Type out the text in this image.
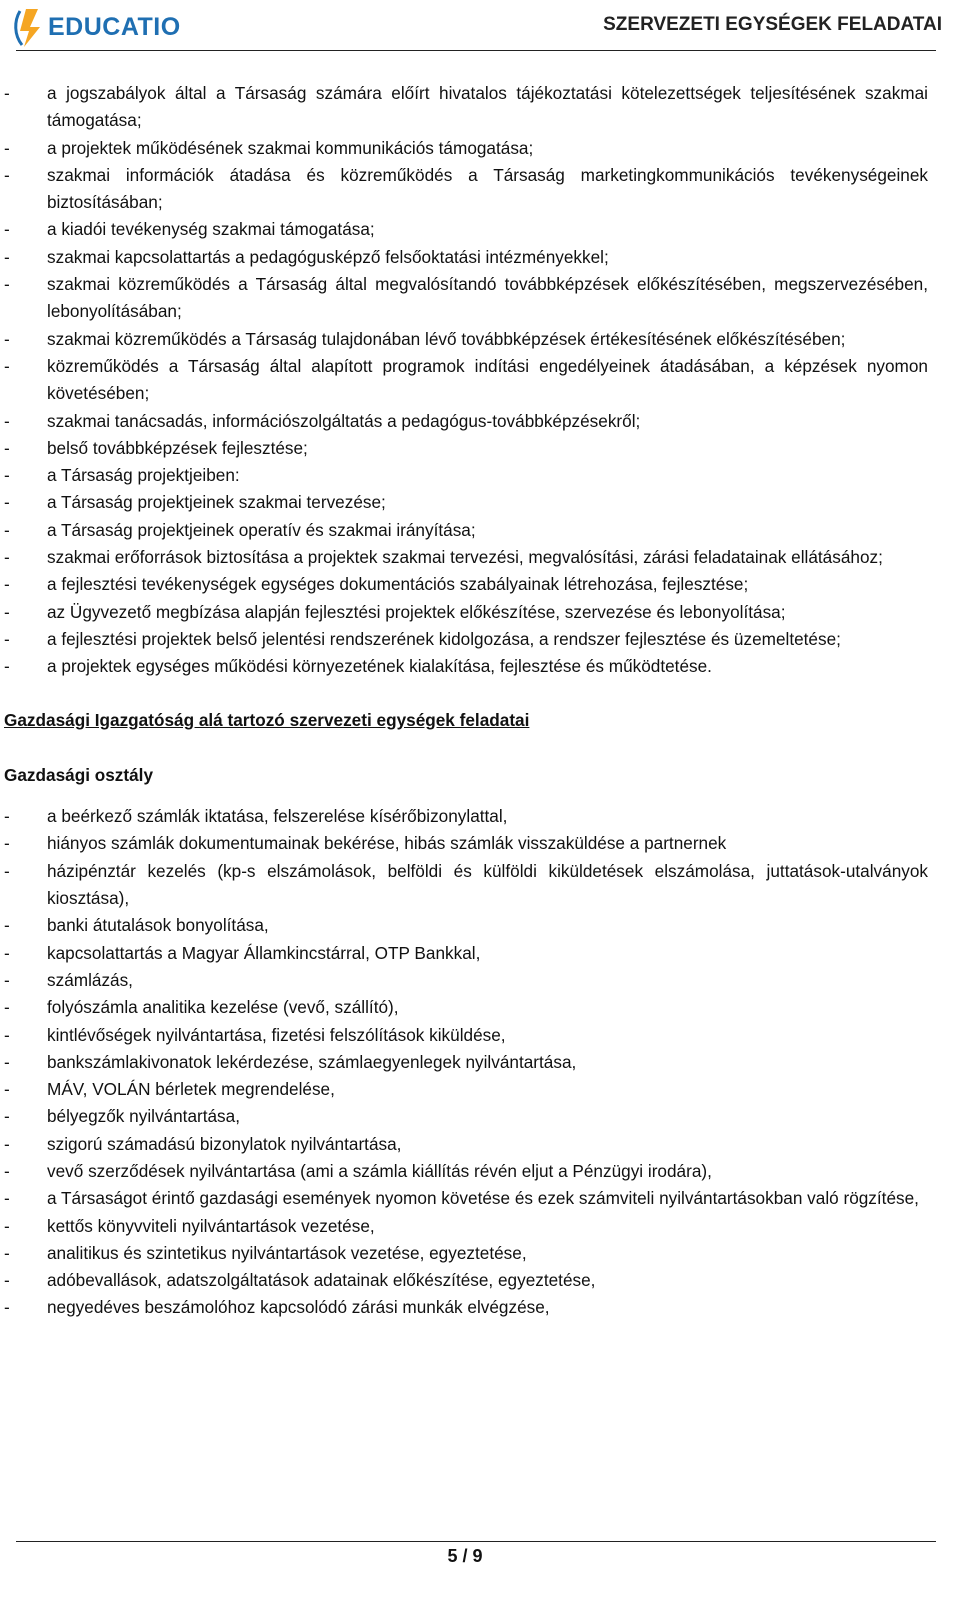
EDUCATIO	SZERVEZETI EGYSÉGEK FELADATAI
- a jogszabályok által a Társaság számára előírt hivatalos tájékoztatási kötelezettségek teljesítésének szakmai támogatása;
- a projektek működésének szakmai kommunikációs támogatása;
- szakmai információk átadása és közreműködés a Társaság marketingkommunikációs tevékenységeinek biztosításában;
- a kiadói tevékenység szakmai támogatása;
- szakmai kapcsolattartás a pedagógusképző felsőoktatási intézményekkel;
- szakmai közreműködés a Társaság által megvalósítandó továbbképzések előkészítésében, megszervezésében, lebonyolításában;
- szakmai közreműködés a Társaság tulajdonában lévő továbbképzések értékesítésének előkészítésében;
- közreműködés a Társaság által alapított programok indítási engedélyeinek átadásában, a képzések nyomon követésében;
- szakmai tanácsadás, információszolgáltatás a pedagógus-továbbképzésekről;
- belső továbbképzések fejlesztése;
- a Társaság projektjeiben:
- a Társaság projektjeinek szakmai tervezése;
- a Társaság projektjeinek operatív és szakmai irányítása;
- szakmai erőforrások biztosítása a projektek szakmai tervezési, megvalósítási, zárási feladatainak ellátásához;
- a fejlesztési tevékenységek egységes dokumentációs szabályainak létrehozása, fejlesztése;
- az Ügyvezető megbízása alapján fejlesztési projektek előkészítése, szervezése és lebonyolítása;
- a fejlesztési projektek belső jelentési rendszerének kidolgozása, a rendszer fejlesztése és üzemeltetése;
- a projektek egységes működési környezetének kialakítása, fejlesztése és működtetése.
Gazdasági Igazgatóság alá tartozó szervezeti egységek feladatai
Gazdasági osztály
- a beérkező számlák iktatása, felszerelése kísérőbizonylattal,
- hiányos számlák dokumentumainak bekérése, hibás számlák visszaküldése a partnernek
- házipénztár kezelés (kp-s elszámolások, belföldi és külföldi kiküldetések elszámolása, juttatások-utalványok kiosztása),
- banki átutalások bonyolítása,
- kapcsolattartás a Magyar Államkincstárral, OTP Bankkal,
- számlázás,
- folyószámla analitika kezelése (vevő, szállító),
- kintlévőségek nyilvántartása, fizetési felszólítások kiküldése,
- bankszámlakivonatok lekérdezése, számlaegyenlegek nyilvántartása,
- MÁV, VOLÁN bérletek megrendelése,
- bélyegzők nyilvántartása,
- szigorú számadású bizonylatok nyilvántartása,
- vevő szerződések nyilvántartása (ami a számla kiállítás révén eljut a Pénzügyi irodára),
- a Társaságot érintő gazdasági események nyomon követése és ezek számviteli nyilvántartásokban való rögzítése,
- kettős könyvviteli nyilvántartások vezetése,
- analitikus és szintetikus nyilvántartások vezetése, egyeztetése,
- adóbevallások, adatszolgáltatások adatainak előkészítése, egyeztetése,
- negyedéves beszámolóhoz kapcsolódó zárási munkák elvégzése,
5 / 9
